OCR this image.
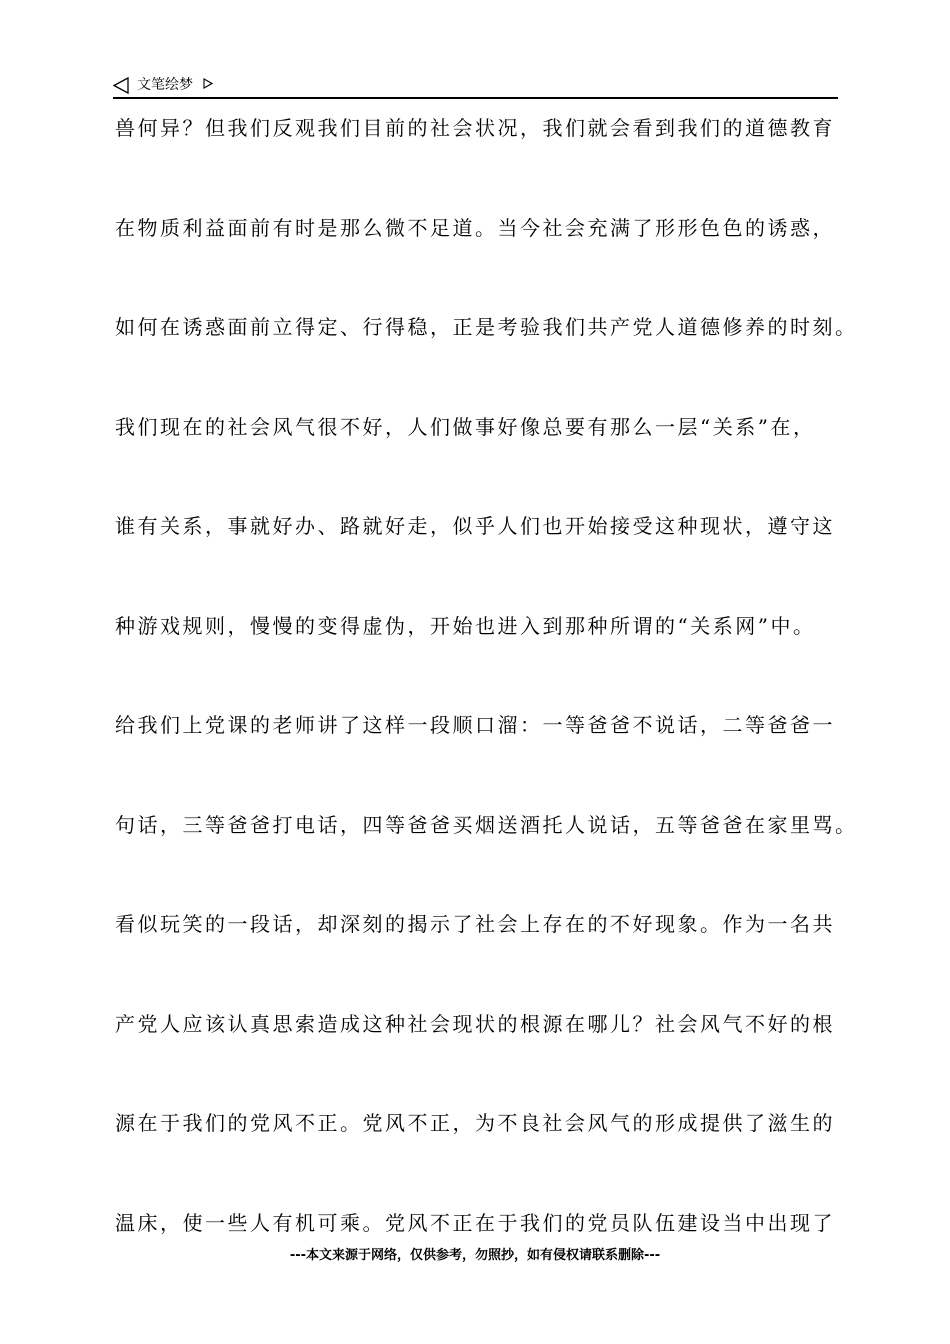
文笔绘梦
兽何异？但我们反观我们目前的社会状况，我们就会看到我们的道德教育
在物质利益面前有时是那么微不足道。当今社会充满了形形色色的诱惑，
如何在诱惑面前立得定、行得稳，正是考验我们共产党人道德修养的时刻。
我们现在的社会风气很不好，人们做事好像总要有那么一层“关系”在，
谁有关系，事就好办、路就好走，似乎人们也开始接受这种现状，遵守这
种游戏规则，慢慢的变得虚伪，开始也进入到那种所谓的“关系网”中。
给我们上党课的老师讲了这样一段顺口溜：一等爸爸不说话，二等爸爸一
句话，三等爸爸打电话，四等爸爸买烟送酒托人说话，五等爸爸在家里骂。
看似玩笑的一段话，却深刻的揭示了社会上存在的不好现象。作为一名共
产党人应该认真思索造成这种社会现状的根源在哪儿？社会风气不好的根
源在于我们的党风不正。党风不正，为不良社会风气的形成提供了滋生的
温床，使一些人有机可乘。党风不正在于我们的党员队伍建设当中出现了
---本文来源于网络，仅供参考，勿照抄，如有侵权请联系删除---
